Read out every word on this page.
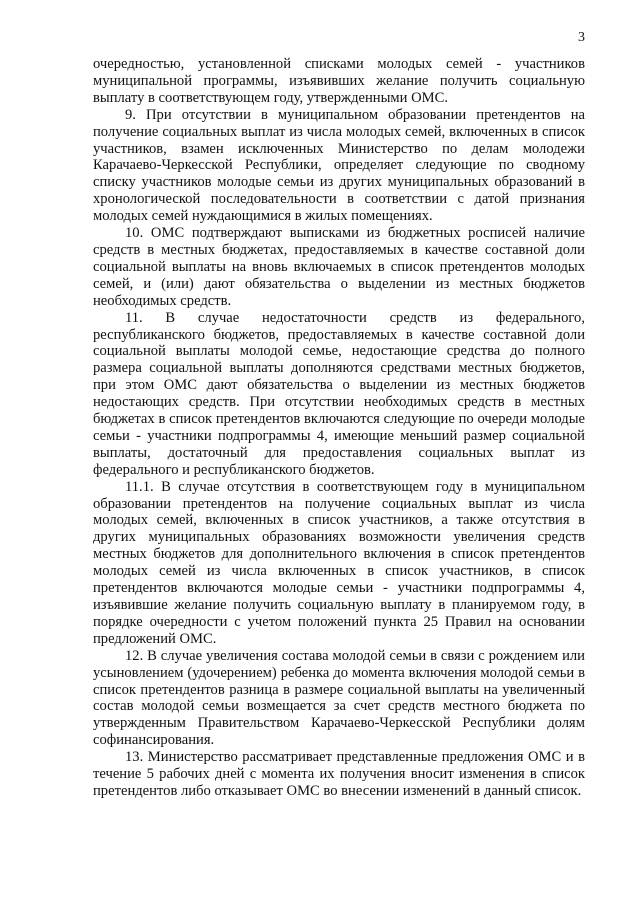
3

очередностью, установленной списками молодых семей - участников муниципальной программы, изъявивших желание получить социальную выплату в соответствующем году, утвержденными ОМС.

9. При отсутствии в муниципальном образовании претендентов на получение социальных выплат из числа молодых семей, включенных в список участников, взамен исключенных Министерство по делам молодежи Карачаево-Черкесской Республики, определяет следующие по сводному списку участников молодые семьи из других муниципальных образований в хронологической последовательности в соответствии с датой признания молодых семей нуждающимися в жилых помещениях.

10. ОМС подтверждают выписками из бюджетных росписей наличие средств в местных бюджетах, предоставляемых в качестве составной доли социальной выплаты на вновь включаемых в список претендентов молодых семей, и (или) дают обязательства о выделении из местных бюджетов необходимых средств.

11. В случае недостаточности средств из федерального, республиканского бюджетов, предоставляемых в качестве составной доли социальной выплаты молодой семье, недостающие средства до полного размера социальной выплаты дополняются средствами местных бюджетов, при этом ОМС дают обязательства о выделении из местных бюджетов недостающих средств. При отсутствии необходимых средств в местных бюджетах в список претендентов включаются следующие по очереди молодые семьи - участники подпрограммы 4, имеющие меньший размер социальной выплаты, достаточный для предоставления социальных выплат из федерального и республиканского бюджетов.

11.1. В случае отсутствия в соответствующем году в муниципальном образовании претендентов на получение социальных выплат из числа молодых семей, включенных в список участников, а также отсутствия в других муниципальных образованиях возможности увеличения средств местных бюджетов для дополнительного включения в список претендентов молодых семей из числа включенных в список участников, в список претендентов включаются молодые семьи - участники подпрограммы 4, изъявившие желание получить социальную выплату в планируемом году, в порядке очередности с учетом положений пункта 25 Правил на основании предложений ОМС.

12. В случае увеличения состава молодой семьи в связи с рождением или усыновлением (удочерением) ребенка до момента включения молодой семьи в список претендентов разница в размере социальной выплаты на увеличенный состав молодой семьи возмещается за счет средств местного бюджета по утвержденным Правительством Карачаево-Черкесской Республики долям софинансирования.

13. Министерство рассматривает представленные предложения ОМС и в течение 5 рабочих дней с момента их получения вносит изменения в список претендентов либо отказывает ОМС во внесении изменений в данный список.
